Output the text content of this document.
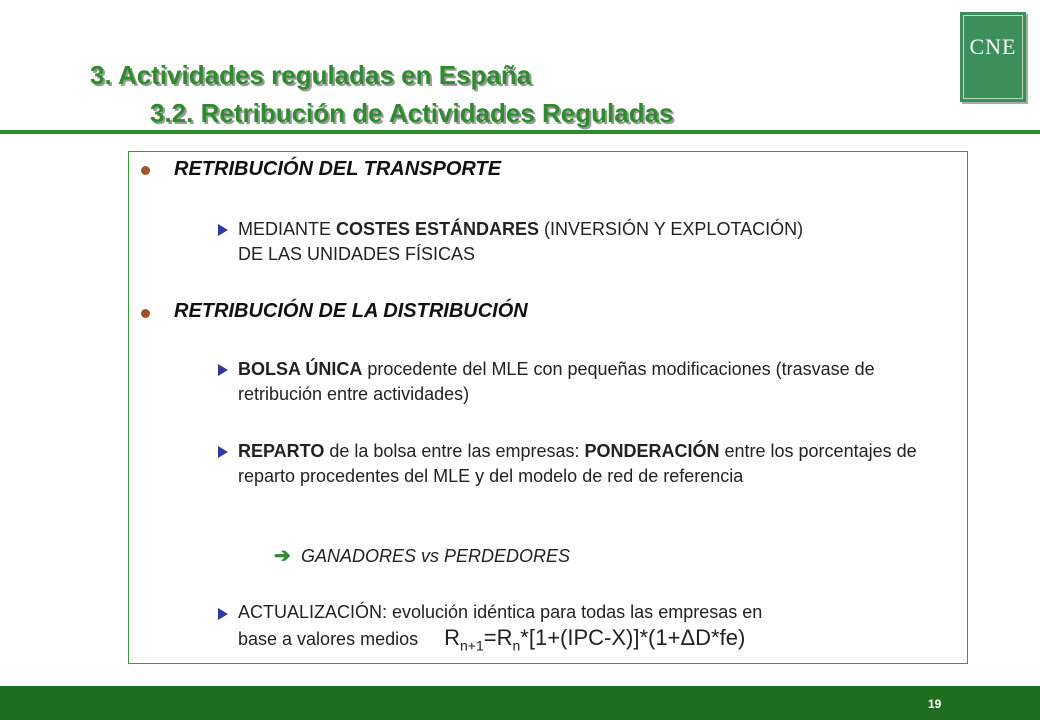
3. Actividades reguladas en España
3.2. Retribución de Actividades Reguladas
CNE
RETRIBUCIÓN DEL TRANSPORTE
MEDIANTE COSTES ESTÁNDARES (INVERSIÓN Y EXPLOTACIÓN) DE LAS UNIDADES FÍSICAS
RETRIBUCIÓN DE LA DISTRIBUCIÓN
BOLSA ÚNICA procedente del MLE con pequeñas modificaciones (trasvase de retribución entre actividades)
REPARTO de la bolsa entre las empresas: PONDERACIÓN entre los porcentajes de reparto procedentes del MLE y del modelo de red de referencia
➔ GANADORES vs PERDEDORES
ACTUALIZACIÓN: evolución idéntica para todas las empresas en
base a valores medios $R_{n+1}=R_n*[1+(IPC-X)]*(1+\Delta D*fe)$
19
